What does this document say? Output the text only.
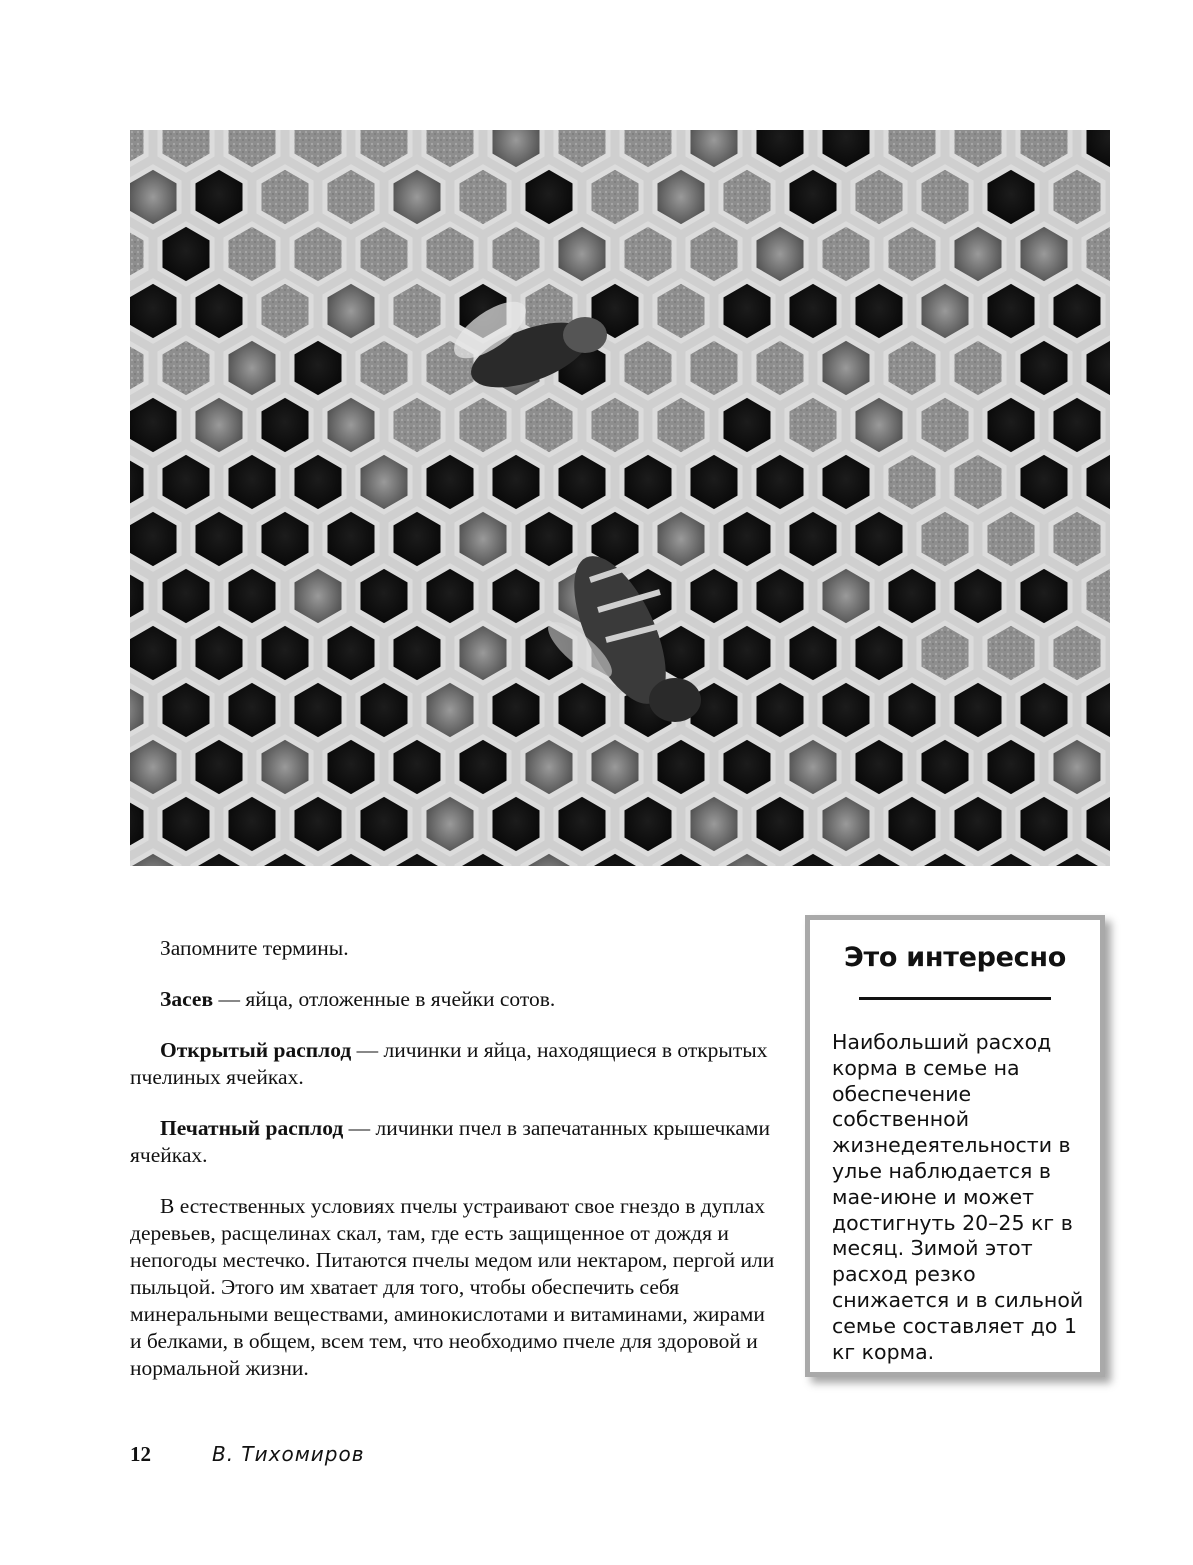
Запомните термины.

Засев — яйца, отложенные в ячейки сотов.

Открытый расплод — личинки и яйца, находящиеся в открытых пчелиных ячейках.

Печатный расплод — личинки пчел в запечатанных крышечками ячейках.

В естественных условиях пчелы устраивают свое гнездо в дуплах деревьев, расщелинах скал, там, где есть защищенное от дождя и непогоды местечко. Питаются пчелы медом или нектаром, пергой или пыльцой. Этого им хватает для того, чтобы обеспечить себя минеральными веществами, аминокислотами и витаминами, жирами и белками, в общем, всем тем, что необходимо пчеле для здоровой и нормальной жизни.

Это интересно
Наибольший расход корма в семье на обеспечение собственной жизнедеятельности в улье наблюдается в мае-июне и может достигнуть 20–25 кг в месяц. Зимой этот расход резко снижается и в сильной семье составляет до 1 кг корма.
12	В. Тихомиров
